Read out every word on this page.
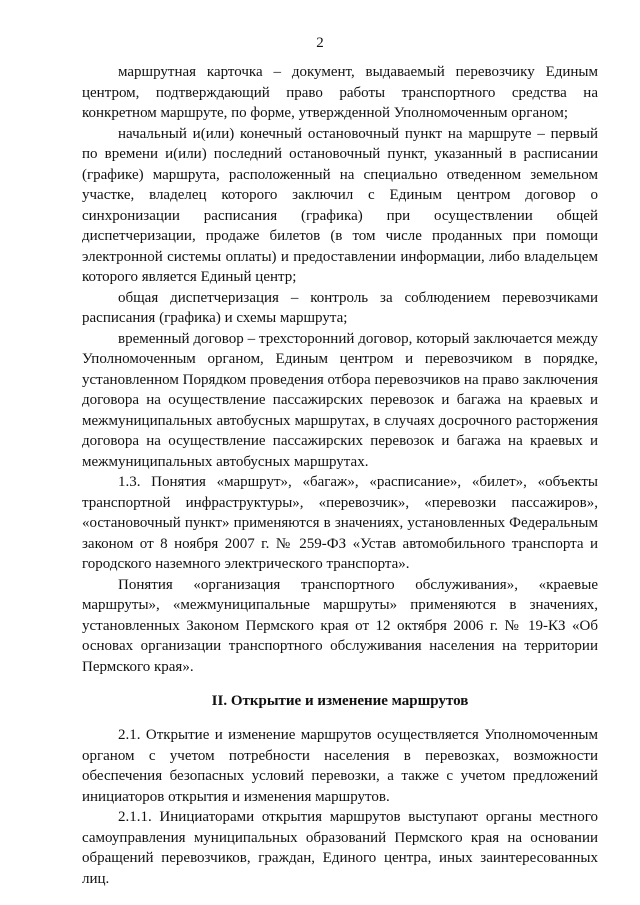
2

маршрутная карточка – документ, выдаваемый перевозчику Единым центром, подтверждающий право работы транспортного средства на конкретном маршруте, по форме, утвержденной Уполномоченным органом;

начальный и(или) конечный остановочный пункт на маршруте – первый по времени и(или) последний остановочный пункт, указанный в расписании (графике) маршрута, расположенный на специально отведенном земельном участке, владелец которого заключил с Единым центром договор о синхронизации расписания (графика) при осуществлении общей диспетчеризации, продаже билетов (в том числе проданных при помощи электронной системы оплаты) и предоставлении информации, либо владельцем которого является Единый центр;

общая диспетчеризация – контроль за соблюдением перевозчиками расписания (графика) и схемы маршрута;

временный договор – трехсторонний договор, который заключается между Уполномоченным органом, Единым центром и перевозчиком в порядке, установленном Порядком проведения отбора перевозчиков на право заключения договора на осуществление пассажирских перевозок и багажа на краевых и межмуниципальных автобусных маршрутах, в случаях досрочного расторжения договора на осуществление пассажирских перевозок и багажа на краевых и межмуниципальных автобусных маршрутах.

1.3. Понятия «маршрут», «багаж», «расписание», «билет», «объекты транспортной инфраструктуры», «перевозчик», «перевозки пассажиров», «остановочный пункт» применяются в значениях, установленных Федеральным законом от 8 ноября 2007 г. № 259-ФЗ «Устав автомобильного транспорта и городского наземного электрического транспорта».

Понятия «организация транспортного обслуживания», «краевые маршруты», «межмуниципальные маршруты» применяются в значениях, установленных Законом Пермского края от 12 октября 2006 г. № 19-КЗ «Об основах организации транспортного обслуживания населения на территории Пермского края».

II. Открытие и изменение маршрутов

2.1. Открытие и изменение маршрутов осуществляется Уполномоченным органом с учетом потребности населения в перевозках, возможности обеспечения безопасных условий перевозки, а также с учетом предложений инициаторов открытия и изменения маршрутов.

2.1.1. Инициаторами открытия маршрутов выступают органы местного самоуправления муниципальных образований Пермского края на основании обращений перевозчиков, граждан, Единого центра, иных заинтересованных лиц.
